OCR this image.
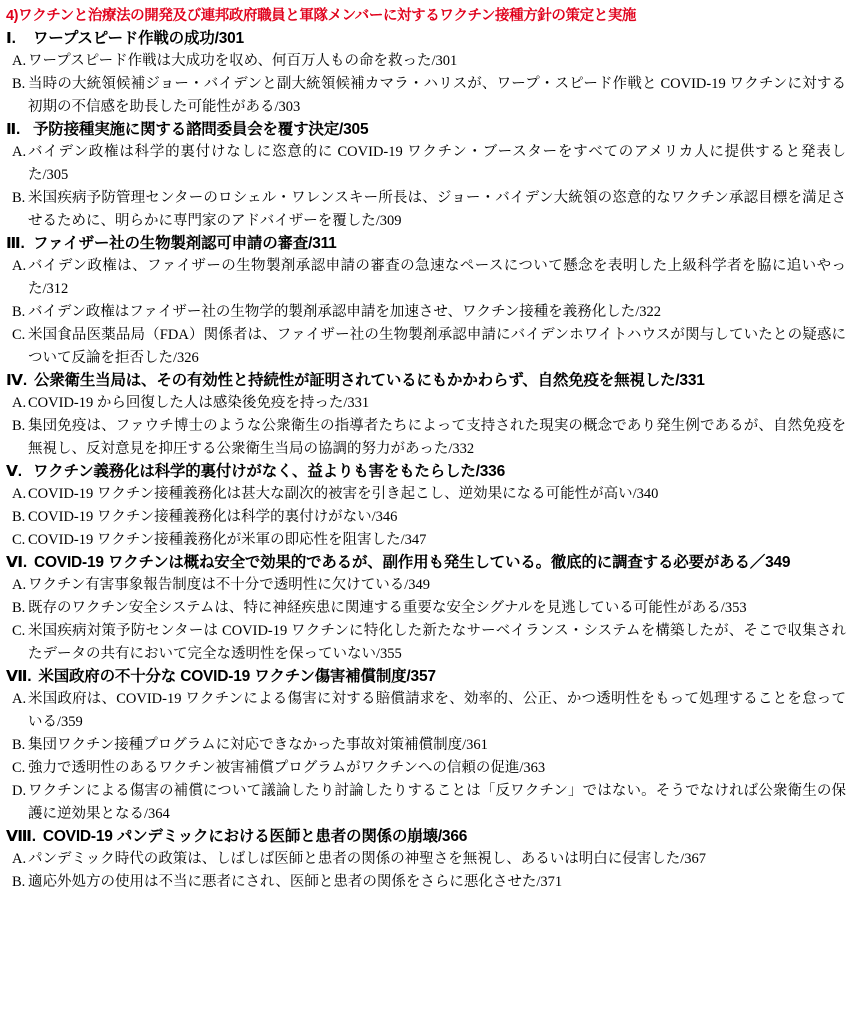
4)ワクチンと治療法の開発及び連邦政府職員と軍隊メンバーに対するワクチン接種方針の策定と実施
Ⅰ.	ワープスピード作戦の成功/301
A. ワープスピード作戦は大成功を収め、何百万人もの命を救った/301
B. 当時の大統領候補ジョー・バイデンと副大統領候補カマラ・ハリスが、ワープ・スピード作戦と COVID-19 ワクチンに対する初期の不信感を助長した可能性がある/303
Ⅱ. 予防接種実施に関する諮問委員会を覆す決定/305
A. バイデン政権は科学的裏付けなしに恣意的に COVID-19 ワクチン・ブースターをすべてのアメリカ人に提供すると発表した/305
B. 米国疾病予防管理センターのロシェル・ワレンスキー所長は、ジョー・バイデン大統領の恣意的なワクチン承認目標を満足させるために、明らかに専門家のアドバイザーを覆した/309
Ⅲ. ファイザー社の生物製剤認可申請の審査/311
A. バイデン政権は、ファイザーの生物製剤承認申請の審査の急速なペースについて懸念を表明した上級科学者を脇に追いやった/312
B. バイデン政権はファイザー社の生物学的製剤承認申請を加速させ、ワクチン接種を義務化した/322
C. 米国食品医薬品局（FDA）関係者は、ファイザー社の生物製剤承認申請にバイデンホワイトハウスが関与していたとの疑惑について反論を拒否した/326
Ⅳ. 公衆衛生当局は、その有効性と持続性が証明されているにもかかわらず、自然免疫を無視した/331
A. COVID-19 から回復した人は感染後免疫を持った/331
B. 集団免疫は、ファウチ博士のような公衆衛生の指導者たちによって支持された現実の概念であり発生例であるが、自然免疫を無視し、反対意見を抑圧する公衆衛生当局の協調的努力があった/332
Ⅴ. ワクチン義務化は科学的裏付けがなく、益よりも害をもたらした/336
A. COVID-19 ワクチン接種義務化は甚大な副次的被害を引き起こし、逆効果になる可能性が高い/340
B. COVID-19 ワクチン接種義務化は科学的裏付けがない/346
C. COVID-19 ワクチン接種義務化が米軍の即応性を阻害した/347
Ⅵ. COVID-19 ワクチンは概ね安全で効果的であるが、副作用も発生している。徹底的に調査する必要がある／349
A. ワクチン有害事象報告制度は不十分で透明性に欠けている/349
B. 既存のワクチン安全システムは、特に神経疾患に関連する重要な安全シグナルを見逃している可能性がある/353
C. 米国疾病対策予防センターは COVID-19 ワクチンに特化した新たなサーベイランス・システムを構築したが、そこで収集されたデータの共有において完全な透明性を保っていない/355
Ⅶ. 米国政府の不十分な COVID-19 ワクチン傷害補償制度/357
A. 米国政府は、COVID-19 ワクチンによる傷害に対する賠償請求を、効率的、公正、かつ透明性をもって処理することを怠っている/359
B. 集団ワクチン接種プログラムに対応できなかった事故対策補償制度/361
C. 強力で透明性のあるワクチン被害補償プログラムがワクチンへの信頼の促進/363
D. ワクチンによる傷害の補償について議論したり討論したりすることは「反ワクチン」ではない。そうでなければ公衆衛生の保護に逆効果となる/364
Ⅷ. COVID-19 パンデミックにおける医師と患者の関係の崩壊/366
A. パンデミック時代の政策は、しばしば医師と患者の関係の神聖さを無視し、あるいは明白に侵害した/367
B. 適応外処方の使用は不当に悪者にされ、医師と患者の関係をさらに悪化させた/371
